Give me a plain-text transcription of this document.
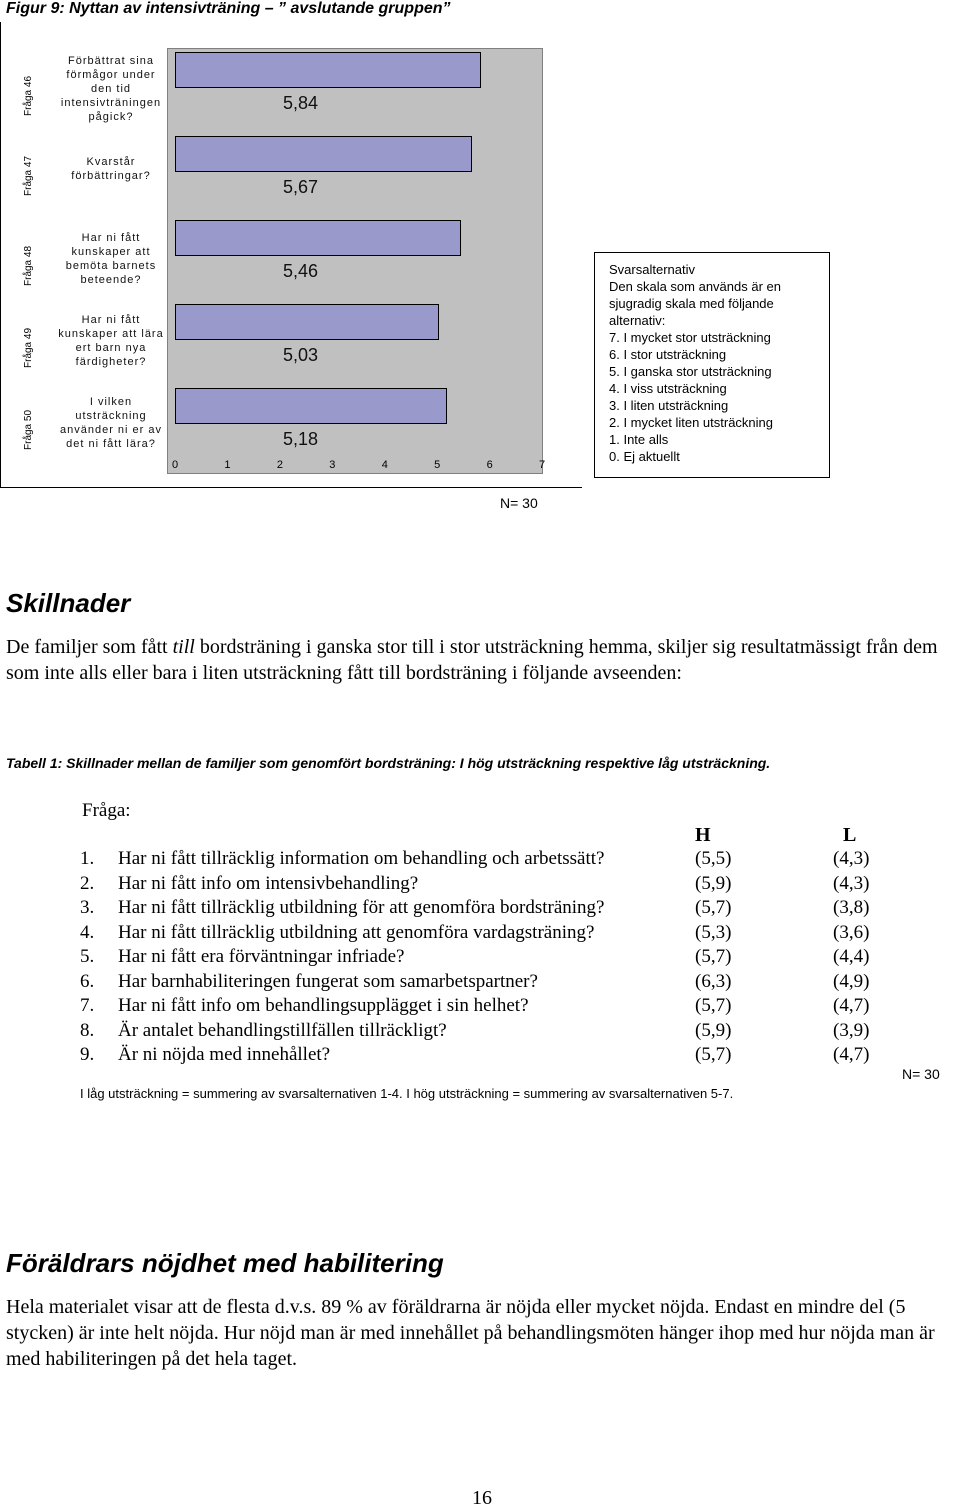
Figur 9: Nyttan av intensivträning – ” avslutande gruppen”
Fråga 46
Förbättrat sina
förmågor under
den tid
intensivträningen
pågick?
5,84
Fråga 47	Kvarstår
förbättringar?
5,67
Fråga 48
Har ni fått
kunskaper att
bemöta barnets
beteende?	5,46
Fråga 49
Har ni fått
kunskaper att lära
ert barn nya
färdigheter?	5,03
Fråga 50
I vilken
utsträckning
använder ni er av
det ni fått lära?	5,18
0	1	2	3	4	5	6	7
Svarsalternativ
Den skala som används är en
sjugradig skala med följande
alternativ:
7. I mycket stor utsträckning
6. I stor utsträckning
5. I ganska stor utsträckning
4. I viss utsträckning
3. I liten utsträckning
2. I mycket liten utsträckning
1. Inte alls
0. Ej aktuellt
N= 30
Skillnader

De familjer som fått till bordsträning i ganska stor till i stor utsträckning hemma, skiljer sig resultatmässigt från dem som inte alls eller bara i liten utsträckning fått till bordsträning i följande avseenden:

Tabell 1: Skillnader mellan de familjer som genomfört bordsträning: I hög utsträckning respektive låg utsträckning.
Fråga:
H	L
1. Har ni fått tillräcklig information om behandling och arbetssätt?	(5,5)	(4,3)
2. Har ni fått info om intensivbehandling?	(5,9)	(4,3)
3. Har ni fått tillräcklig utbildning för att genomföra bordsträning?	(5,7)	(3,8)
4. Har ni fått tillräcklig utbildning att genomföra vardagsträning?	(5,3)	(3,6)
5. Har ni fått era förväntningar infriade?	(5,7)	(4,4)
6. Har barnhabiliteringen fungerat som samarbetspartner?	(6,3)	(4,9)
7. Har ni fått info om behandlingsupplägget i sin helhet?	(5,7)	(4,7)
8. Är antalet behandlingstillfällen tillräckligt?	(5,9)	(3,9)
9. Är ni nöjda med innehållet?	(5,7)	(4,7)
N= 30
I låg utsträckning = summering av svarsalternativen 1-4. I hög utsträckning = summering av svarsalternativen 5-7.
Föräldrars nöjdhet med habilitering

Hela materialet visar att de flesta d.v.s. 89 % av föräldrarna är nöjda eller mycket nöjda. Endast en mindre del (5 stycken) är inte helt nöjda. Hur nöjd man är med innehållet på behandlingsmöten hänger ihop med hur nöjda man är med habiliteringen på det hela taget.

16
